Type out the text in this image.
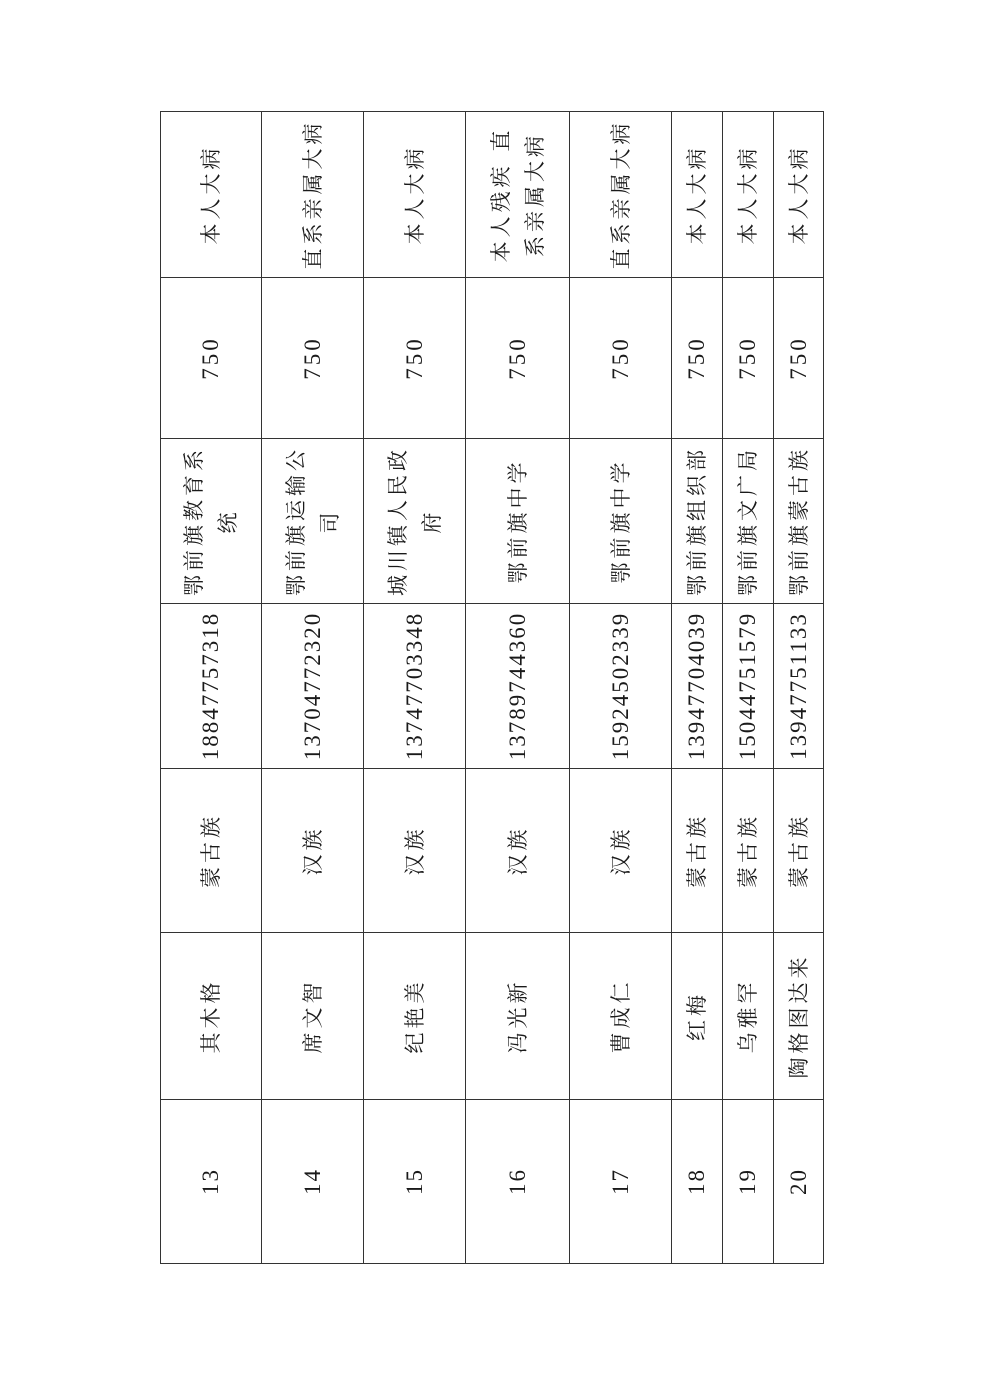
13	其木格	蒙古族	18847757318	鄂前旗教育系统	750	本人大病
14	席文智	汉族	13704772320	鄂前旗运输公司	750	直系亲属大病
15	纪艳美	汉族	13747703348	城川镇人民政府	750	本人大病
16	冯光新	汉族	13789744360	鄂前旗中学	750	本人残疾 直系亲属大病
17	曹成仁	汉族	15924502339	鄂前旗中学	750	直系亲属大病
18	红梅	蒙古族	13947704039	鄂前旗组织部	750	本人大病
19	乌雅罕	蒙古族	15044751579	鄂前旗文广局	750	本人大病
20	陶格图达来	蒙古族	13947751133	鄂前旗蒙古族	750	本人大病
